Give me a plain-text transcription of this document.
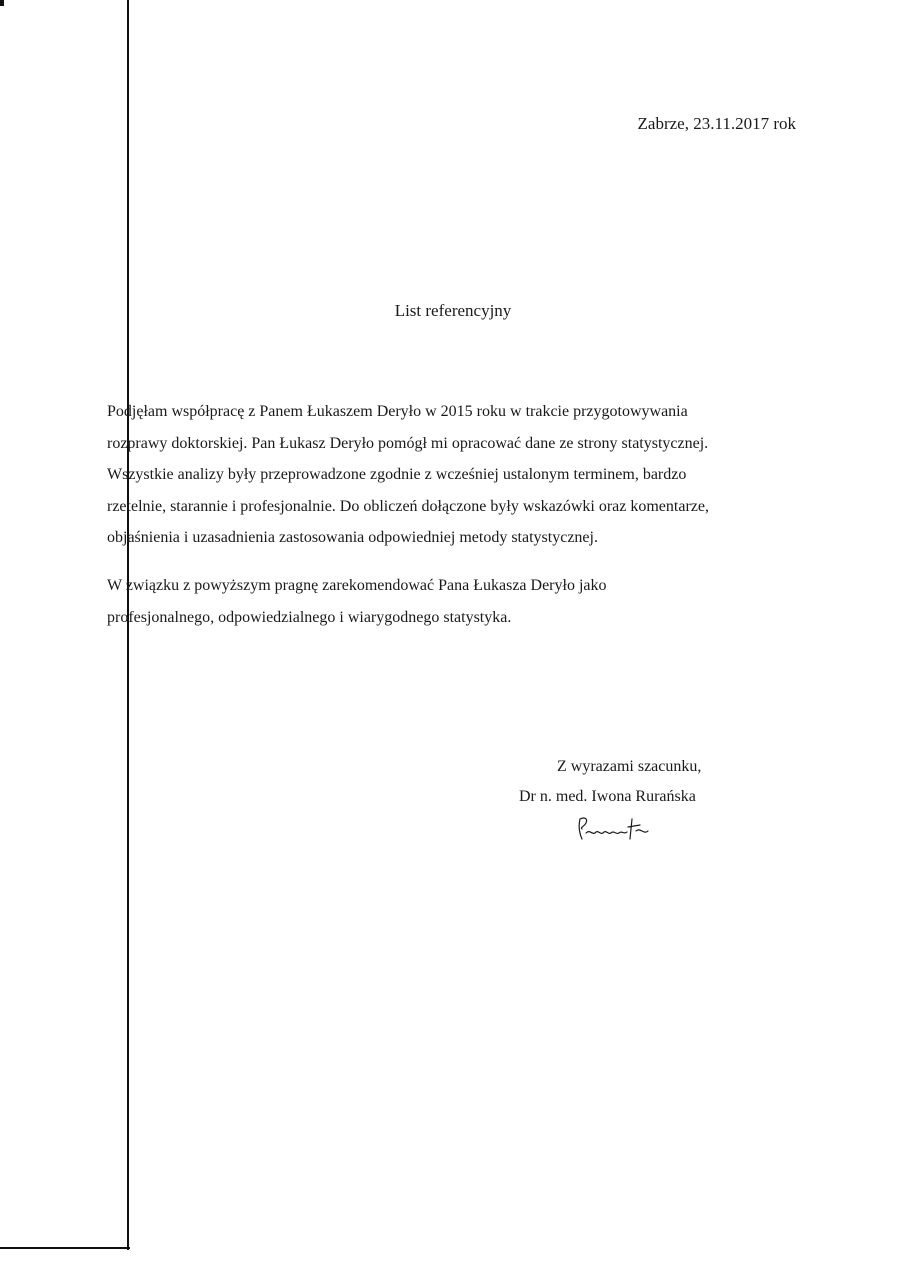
Zabrze, 23.11.2017 rok
List referencyjny
Podjęłam współpracę z Panem Łukaszem Deryło w 2015 roku w trakcie przygotowywania
rozprawy doktorskiej. Pan Łukasz Deryło pomógł mi opracować dane ze strony statystycznej.
Wszystkie analizy były przeprowadzone zgodnie z wcześniej ustalonym terminem, bardzo
rzetelnie, starannie i profesjonalnie. Do obliczeń dołączone były wskazówki oraz komentarze,
objaśnienia i uzasadnienia zastosowania odpowiedniej metody statystycznej.
W związku z powyższym pragnę zarekomendować Pana Łukasza Deryło jako
profesjonalnego, odpowiedzialnego i wiarygodnego statystyka.
Z wyrazami szacunku,
Dr n. med. Iwona Rurańska
